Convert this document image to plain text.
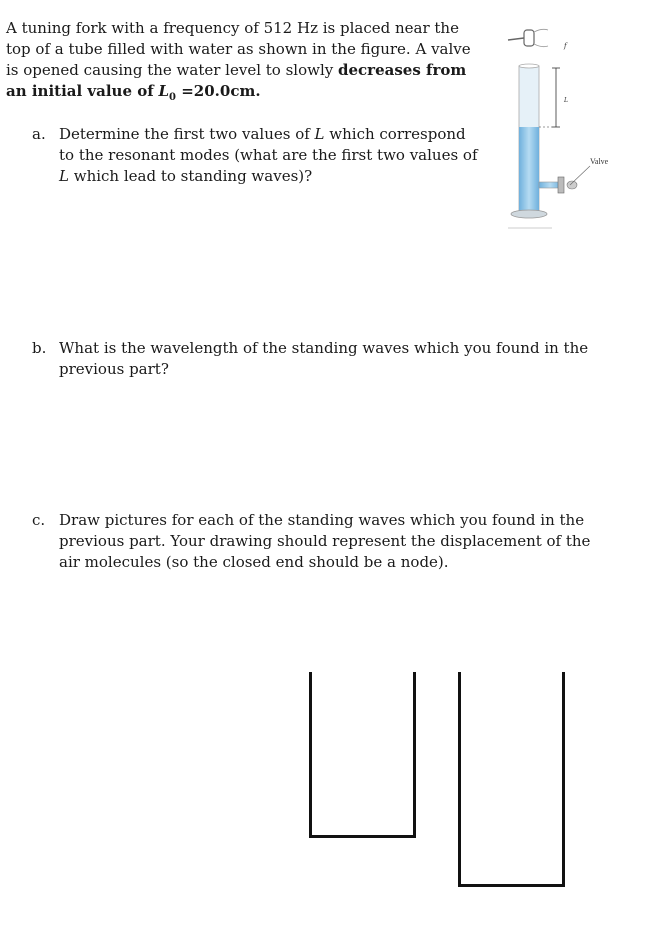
A tuning fork with a frequency of 512 Hz is placed near the top of a tube filled with water as shown in the figure. A valve is opened causing the water level to slowly decreases from an initial value of $L_0 =20.0cm$.
a. Determine the first two values of L which correspond to the resonant modes (what are the first two values of L which lead to standing waves)?
b. What is the wavelength of the standing waves which you found in the previous part?
c. Draw pictures for each of the standing waves which you found in the previous part. Your drawing should represent the displacement of the air molecules (so the closed end should be a node).
f
L
Valve
